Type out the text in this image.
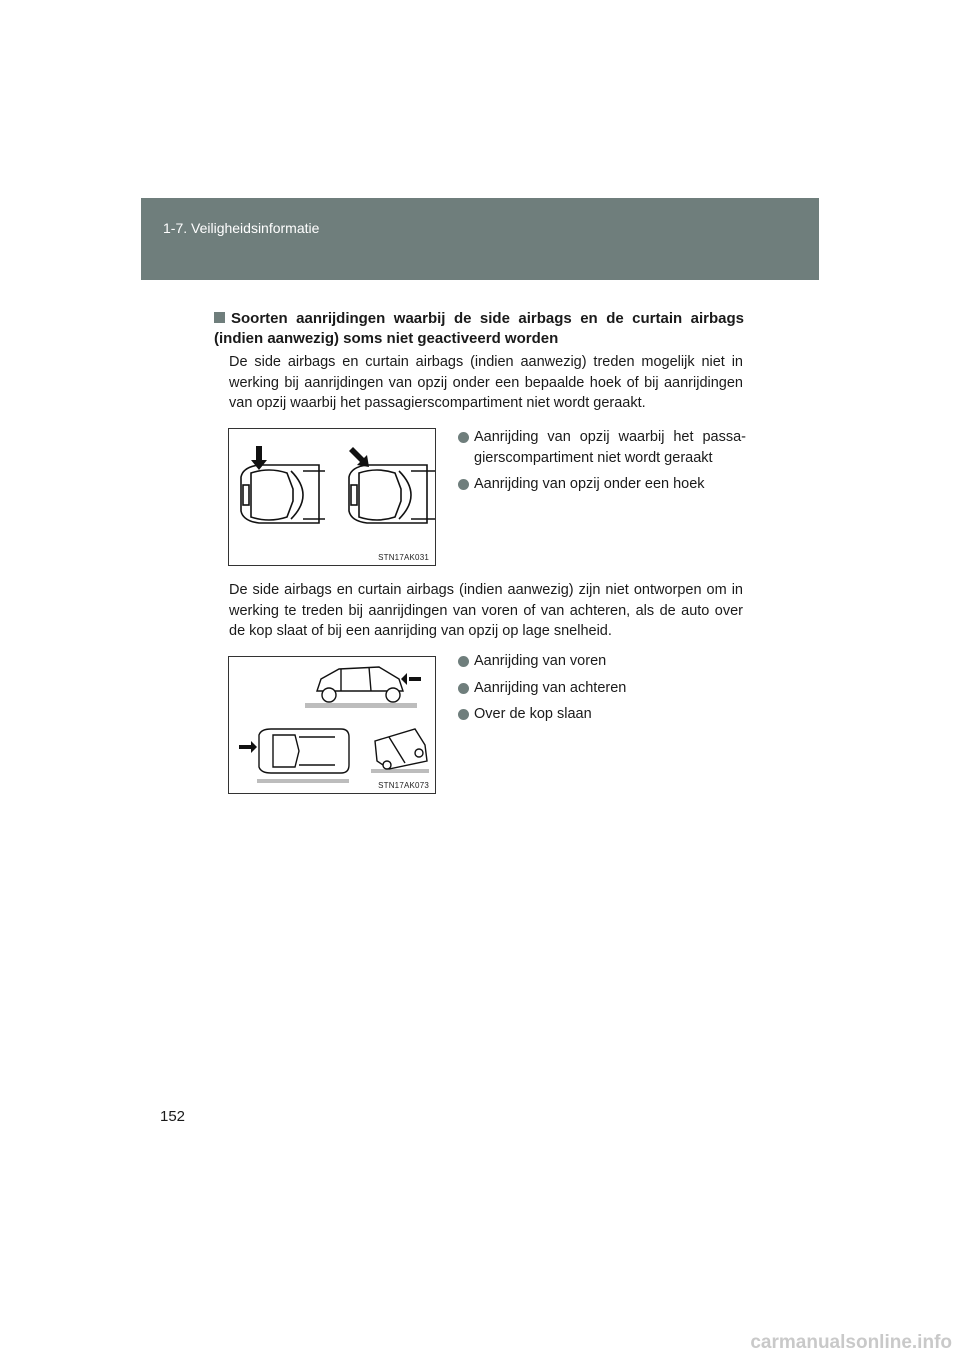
1-7. Veiligheidsinformatie
Soorten aanrijdingen waarbij de side airbags en de curtain airbags (indien aanwezig) soms niet geactiveerd worden
De side airbags en curtain airbags (indien aanwezig) treden mogelijk niet in werking bij aanrijdingen van opzij onder een bepaalde hoek of bij aanrijdingen van opzij waarbij het passagierscompartiment niet wordt geraakt.
STN17AK031
Aanrijding van opzij waarbij het passa-gierscompartiment niet wordt geraakt
Aanrijding van opzij onder een hoek
De side airbags en curtain airbags (indien aanwezig) zijn niet ontworpen om in werking te treden bij aanrijdingen van voren of van achteren, als de auto over de kop slaat of bij een aanrijding van opzij op lage snelheid.
STN17AK073
Aanrijding van voren
Aanrijding van achteren
Over de kop slaan
152
carmanualsonline.info
